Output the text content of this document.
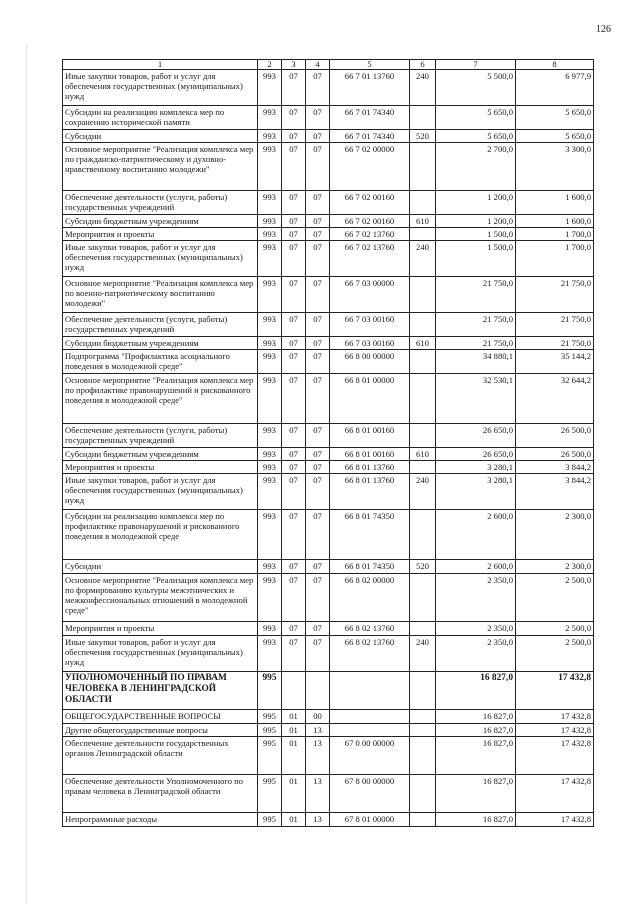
126
1	2	3	4	5	6	7	8
Иные закупки товаров, работ и услуг для обеспечения государственных (муниципальных) нужд	993	07	07	66 7 01 13760	240	5 500,0	6 977,9
Субсидии на реализацию комплекса мер по сохранению исторической памяти	993	07	07	66 7 01 74340		5 650,0	5 650,0
Субсидии	993	07	07	66 7 01 74340	520	5 650,0	5 650,0
Основное мероприятие "Реализация комплекса мер по гражданско-патриотическому и духовно-нравственному воспитанию молодежи"	993	07	07	66 7 02 00000		2 700,0	3 300,0
Обеспечение деятельности (услуги, работы) государственных учреждений	993	07	07	66 7 02 00160		1 200,0	1 600,0
Субсидии бюджетным учреждениям	993	07	07	66 7 02 00160	610	1 200,0	1 600,0
Мероприятия и проекты	993	07	07	66 7 02 13760		1 500,0	1 700,0
Иные закупки товаров, работ и услуг для обеспечения государственных (муниципальных) нужд	993	07	07	66 7 02 13760	240	1 500,0	1 700,0
Основное мероприятие "Реализация комплекса мер по военно-патриотическому воспитанию молодежи"	993	07	07	66 7 03 00000		21 750,0	21 750,0
Обеспечение деятельности (услуги, работы) государственных учреждений	993	07	07	66 7 03 00160		21 750,0	21 750,0
Субсидии бюджетным учреждениям	993	07	07	66 7 03 00160	610	21 750,0	21 750,0
Подпрограмма "Профилактика асоциального поведения в молодежной среде"	993	07	07	66 8 00 00000		34 880,1	35 144,2
Основное мероприятие "Реализация комплекса мер по профилактике правонарушений и рискованного поведения в молодежной среде"	993	07	07	66 8 01 00000		32 530,1	32 644,2
Обеспечение деятельности (услуги, работы) государственных учреждений	993	07	07	66 8 01 00160		26 650,0	26 500,0
Субсидии бюджетным учреждениям	993	07	07	66 8 01 00160	610	26 650,0	26 500,0
Мероприятия и проекты	993	07	07	66 8 01 13760		3 280,1	3 844,2
Иные закупки товаров, работ и услуг для обеспечения государственных (муниципальных) нужд	993	07	07	66 8 01 13760	240	3 280,1	3 844,2
Субсидии на реализацию комплекса мер по профилактике правонарушений и рискованного поведения в молодежной среде	993	07	07	66 8 01 74350		2 600,0	2 300,0
Субсидии	993	07	07	66 8 01 74350	520	2 600,0	2 300,0
Основное мероприятие "Реализация комплекса мер по формированию культуры межэтнических и межконфессиональных отношений в молодежной среде"	993	07	07	66 8 02 00000		2 350,0	2 500,0
Мероприятия и проекты	993	07	07	66 8 02 13760		2 350,0	2 500,0
Иные закупки товаров, работ и услуг для обеспечения государственных (муниципальных) нужд	993	07	07	66 8 02 13760	240	2 350,0	2 500,0
УПОЛНОМОЧЕННЫЙ ПО ПРАВАМ ЧЕЛОВЕКА В ЛЕНИНГРАДСКОЙ ОБЛАСТИ	995					16 827,0	17 432,8
ОБЩЕГОСУДАРСТВЕННЫЕ ВОПРОСЫ	995	01	00			16 827,0	17 432,8
Другие общегосударственные вопросы	995	01	13			16 827,0	17 432,8
Обеспечение деятельности государственных органов Ленинградской области	995	01	13	67 0 00 00000		16 827,0	17 432,8
Обеспечение деятельности Уполномоченного по правам человека в Ленинградской области	995	01	13	67 8 00 00000		16 827,0	17 432,8
Непрограммные расходы	995	01	13	67 8 01 00000		16 827,0	17 432,8
